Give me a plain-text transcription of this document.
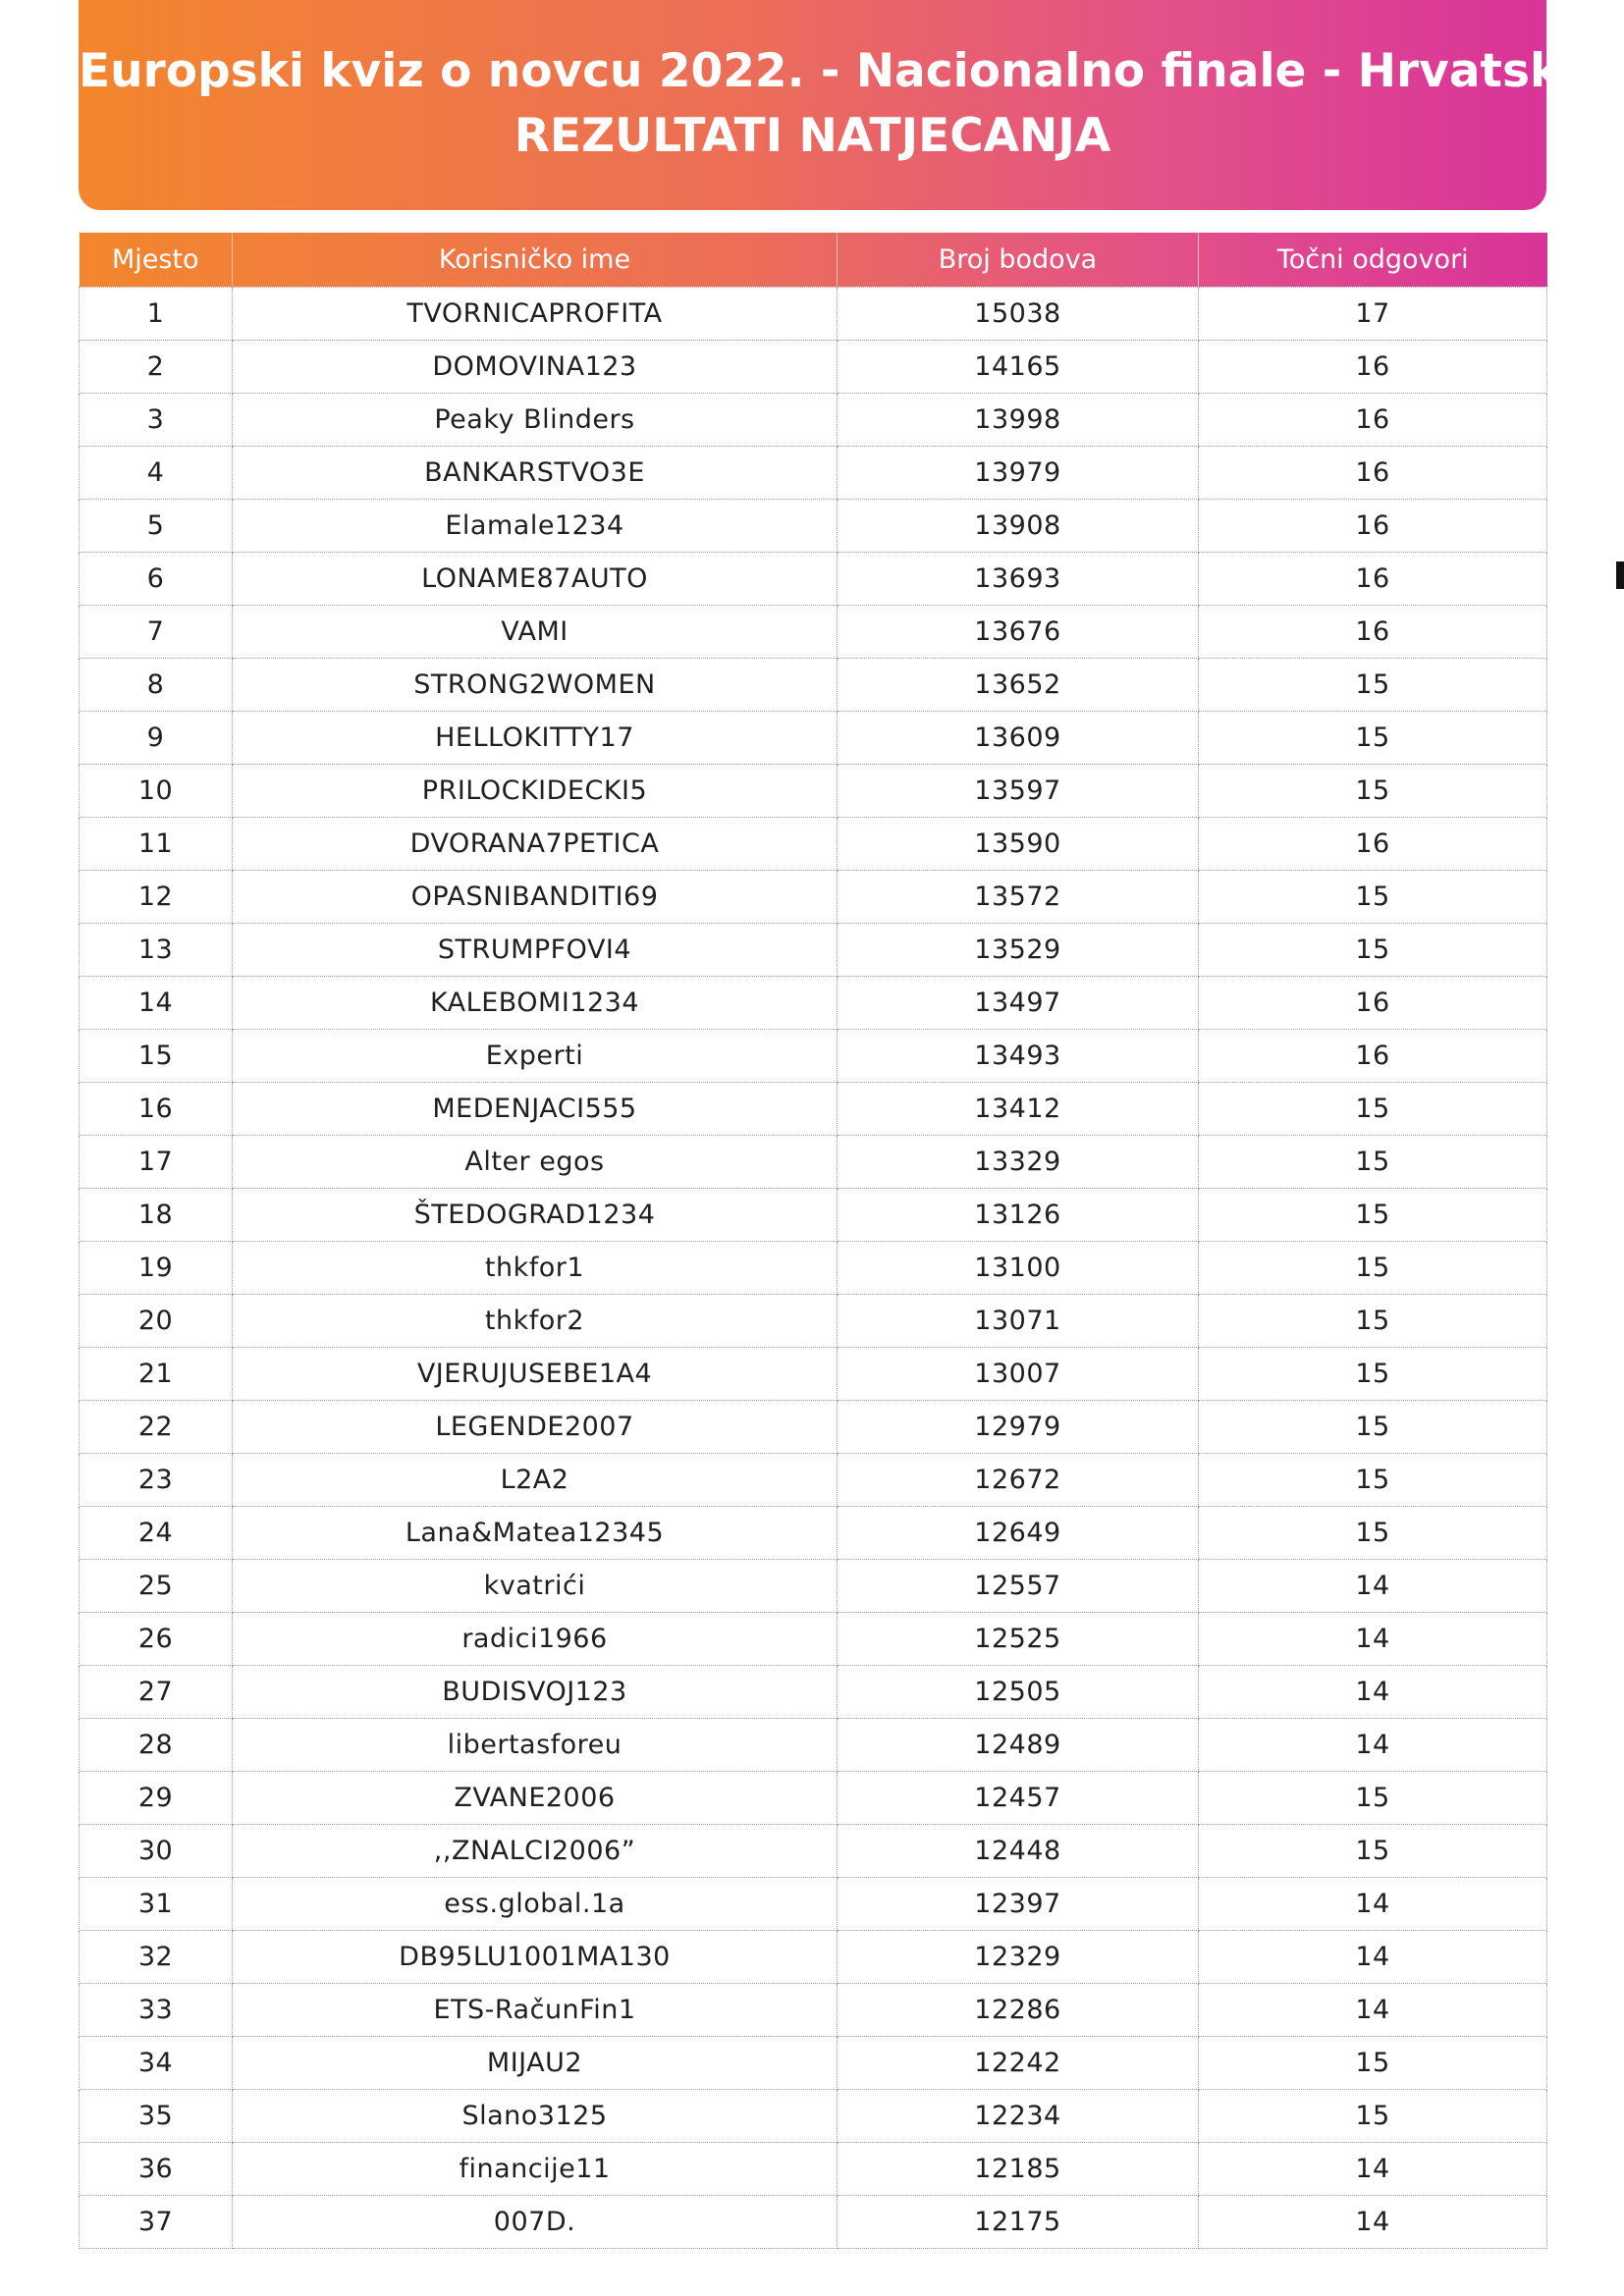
Europski kviz o novcu 2022. - Nacionalno finale - Hrvatska
REZULTATI NATJECANJA
Mjesto	Korisničko ime	Broj bodova	Točni odgovori
1	TVORNICAPROFITA	15038	17
2	DOMOVINA123	14165	16
3	Peaky Blinders	13998	16
4	BANKARSTVO3E	13979	16
5	Elamale1234	13908	16
6	LONAME87AUTO	13693	16
7	VAMI	13676	16
8	STRONG2WOMEN	13652	15
9	HELLOKITTY17	13609	15
10	PRILOCKIDECKI5	13597	15
11	DVORANA7PETICA	13590	16
12	OPASNIBANDITI69	13572	15
13	STRUMPFOVI4	13529	15
14	KALEBOMI1234	13497	16
15	Experti	13493	16
16	MEDENJACI555	13412	15
17	Alter egos	13329	15
18	ŠTEDOGRAD1234	13126	15
19	thkfor1	13100	15
20	thkfor2	13071	15
21	VJERUJUSEBE1A4	13007	15
22	LEGENDE2007	12979	15
23	L2A2	12672	15
24	Lana&Matea12345	12649	15
25	kvatrići	12557	14
26	radici1966	12525	14
27	BUDISVOJ123	12505	14
28	libertasforeu	12489	14
29	ZVANE2006	12457	15
30	,,ZNALCI2006”	12448	15
31	ess.global.1a	12397	14
32	DB95LU1001MA130	12329	14
33	ETS-RačunFin1	12286	14
34	MIJAU2	12242	15
35	Slano3125	12234	15
36	financije11	12185	14
37	007D.	12175	14
